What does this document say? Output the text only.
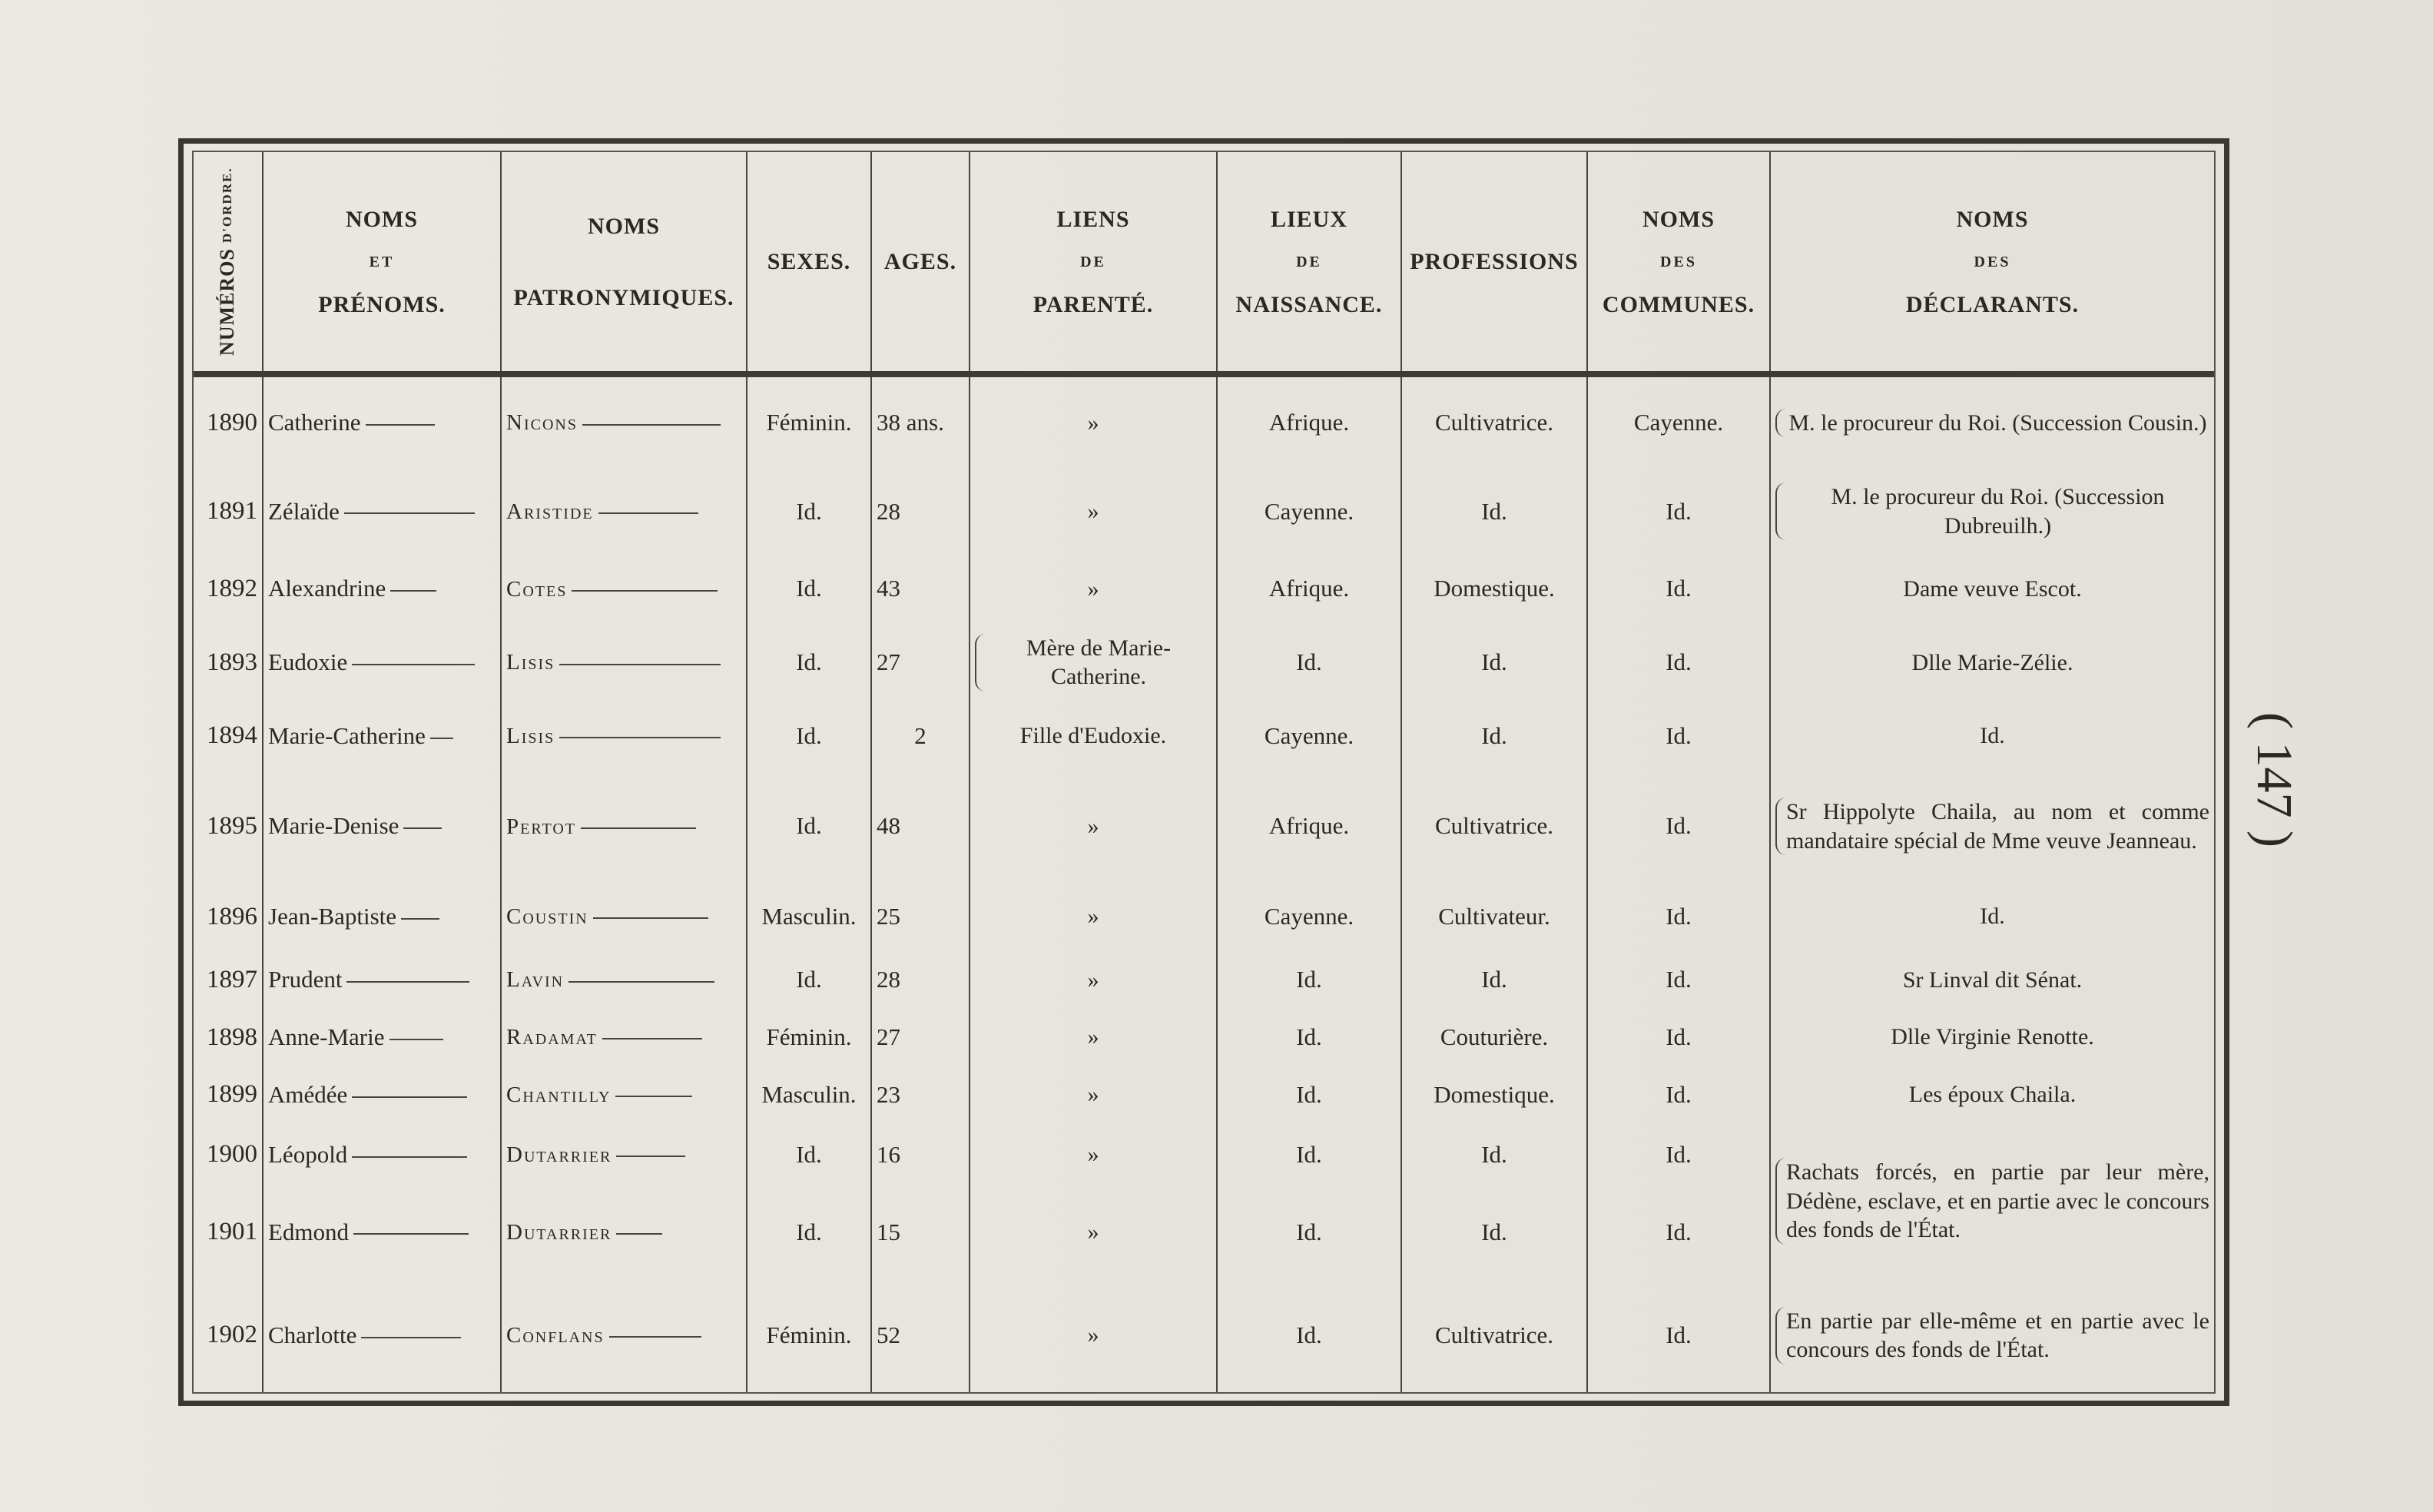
NUMÉROS D'ORDRE.	NOMS
ET
PRÉNOMS.	NOMS
PATRONYMIQUES.	SEXES.	AGES.	LIENS
DE
PARENTÉ.	LIEUX
DE
NAISSANCE.	PROFESSIONS	NOMS
DES
COMMUNES.	NOMS
DES
DÉCLARANTS.

1890	Catherine	Nicons	Féminin.	38 ans.	»	Afrique.	Cultivatrice.	Cayenne.	M. le procureur du Roi. (Succession Cousin.)

1891	Zélaïde	Aristide	Id.	28	»	Cayenne.	Id.	Id.	M. le procureur du Roi. (Succession Dubreuilh.)

1892	Alexandrine	Cotes	Id.	43	»	Afrique.	Domestique.	Id.	Dame veuve Escot.
1893	Eudoxie	Lisis	Id.	27	Mère de Marie-Catherine.	Id.	Id.	Id.	Dlle Marie-Zélie.
1894	Marie-Catherine	Lisis	Id.	2	Fille d'Eudoxie.	Cayenne.	Id.	Id.	Id.
1895	Marie-Denise	Pertot	Id.	48	»	Afrique.	Cultivatrice.	Id.	Sr Hippolyte Chaila, au nom et comme mandataire spécial de Mme veuve Jeanneau.

1896	Jean-Baptiste	Coustin	Masculin.	25	»	Cayenne.	Cultivateur.	Id.	Id.
1897	Prudent	Lavin	Id.	28	»	Id.	Id.	Id.	Sr Linval dit Sénat.
1898	Anne-Marie	Radamat	Féminin.	27	»	Id.	Couturière.	Id.	Dlle Virginie Renotte.
1899	Amédée	Chantilly	Masculin.	23	»	Id.	Domestique.	Id.	Les époux Chaila.
1900	Léopold	Dutarrier	Id.	16	»	Id.	Id.	Id.	Rachats forcés, en partie par leur mère, Dédène, esclave, et en partie avec le concours des fonds de l'État.

1901	Edmond	Dutarrier	Id.	15	»	Id.	Id.	Id.	
1902	Charlotte	Conflans	Féminin.	52	»	Id.	Cultivatrice.	Id.	En partie par elle-même et en partie avec le concours des fonds de l'État.
( 147 )
